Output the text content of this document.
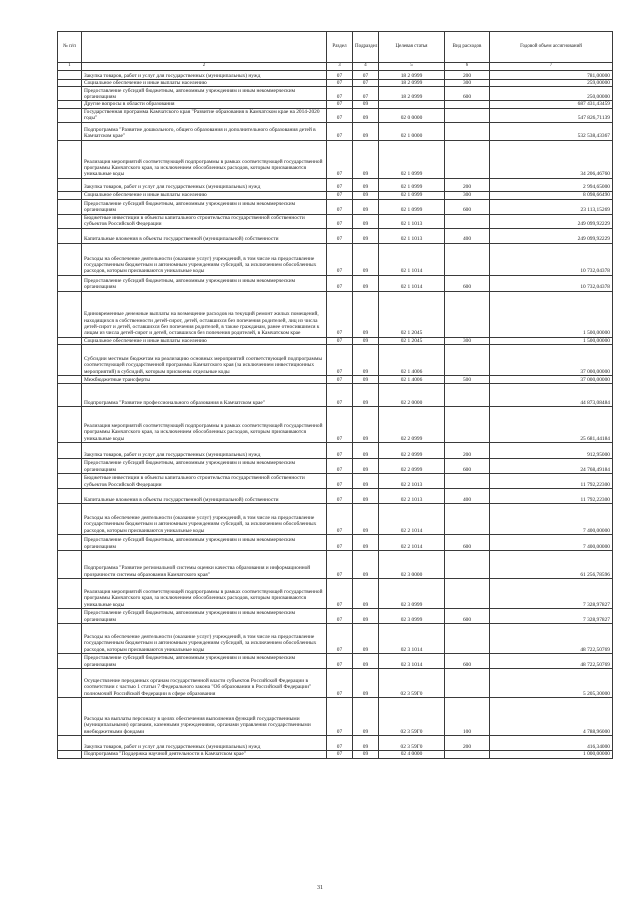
№ п/п		Раздел	Подраздел	Целевая статья	Вид расходов	Годовой объем ассигнований
1	2	3	4	5	6	7
	Закупка товаров, работ и услуг для государственных (муниципальных) нужд	07	07	18 2 0999	200	781,00000
	Социальное обеспечение и иные выплаты населению	07	07	18 2 0999	300	259,00000
	Предоставление субсидий бюджетным, автономным учреждениям и иным некоммерческим организациям	07	07	18 2 0999	600	250,00000
	Другие вопросы в области образования	07	09			687 431,43459
	Государственная программа Камчатского края "Развитие образования в Камчатском крае на 2014-2020 годы"	07	09	02 0 0000		547 826,71139
	Подпрограмма "Развитие дошкольного, общего образования и дополнительного образования детей в Камчатском крае"	07	09	02 1 0000		532 538,43367
	Реализация мероприятий соответствующей подпрограммы в рамках соответствующей государственной программы Камчатского края, за исключением обособленных расходов, которым присваиваются уникальные коды	07	09	02 1 0999		34 206,46760
	Закупка товаров, работ и услуг для государственных (муниципальных) нужд	07	09	02 1 0999	200	2 994,65000
	Социальное обеспечение и иные выплаты населению	07	09	02 1 0999	300	8 098,66490
	Предоставление субсидий бюджетным, автономным учреждениям и иным некоммерческим организациям	07	09	02 1 0999	600	23 113,15269
	Бюджетные инвестиции в объекты капитального строительства государственной собственности субъектов Российской Федерации	07	09	02 1 1013		249 099,92229
	Капитальные вложения в объекты государственной (муниципальной) собственности	07	09	02 1 1013	400	249 099,92229
	Расходы на обеспечение деятельности (оказание услуг) учреждений, в том числе на предоставление государственным бюджетным и автономным учреждениям субсидий, за исключением обособленных расходов, которым присваиваются уникальные коды	07	09	02 1 1014		10 732,04378
	Предоставление субсидий бюджетным, автономным учреждениям и иным некоммерческим организациям	07	09	02 1 1014	600	10 732,04378
	Единовременные денежные выплаты на возмещение расходов на текущий ремонт жилых помещений, находящихся в собственности детей-сирот, детей, оставшихся без попечения родителей, лиц из числа детей-сирот и детей, оставшихся без попечения родителей, в также гражданам, ранее относившимся к лицам из числа детей-сирот и детей, оставшихся без попечения родителей, в Камчатском крае	07	09	02 1 2045		1 500,00000
	Социальное обеспечение и иные выплаты населению	07	09	02 1 2045	300	1 500,00000
	Субсидии местным бюджетам на реализацию основных мероприятий соответствующей подпрограммы соответствующей государственной программы Камчатского края (за исключением инвестиционных мероприятий) в субсидий, которым присвоены отдельные коды	07	09	02 1 4006		37 000,00000
	Межбюджетные трансферты	07	09	02 1 4006	500	37 000,00000
	Подпрограмма "Развитие профессионального образования в Камчатском крае"	07	09	02 2 0000		44 873,08484
	Реализация мероприятий соответствующей подпрограммы в рамках соответствующей государственной программы Камчатского края, за исключением обособленных расходов, которым присваиваются уникальные коды	07	09	02 2 0999		25 681,44184
	Закупка товаров, работ и услуг для государственных (муниципальных) нужд	07	09	02 2 0999	200	912,95000
	Предоставление субсидий бюджетным, автономным учреждениям и иным некоммерческим организациям	07	09	02 2 0999	600	24 768,49184
	Бюджетные инвестиции в объекты капитального строительства государственной собственности субъектов Российской Федерации	07	09	02 2 1013		11 792,22300
	Капитальные вложения в объекты государственной (муниципальной) собственности	07	09	02 2 1013	400	11 792,22300
	Расходы на обеспечение деятельности (оказание услуг) учреждений, в том числе на предоставление государственным бюджетным и автономным учреждениям субсидий, за исключением обособленных расходов, которым присваиваются уникальные коды	07	09	02 2 1014		7 400,00000
	Предоставление субсидий бюджетным, автономным учреждениям и иным некоммерческим организациям	07	09	02 2 1014	600	7 400,00000
	Подпрограмма "Развитие региональной системы оценки качества образования и информационной прозрачности системы образования Камчатского края"	07	09	02 3 0000		61 256,78596
	Реализация мероприятий соответствующей подпрограммы в рамках соответствующей государственной программы Камчатского края, за исключением обособленных расходов, которым присваиваются уникальные коды	07	09	02 3 0999		7 328,97827
	Предоставление субсидий бюджетным, автономным учреждениям и иным некоммерческим организациям	07	09	02 3 0999	600	7 328,97827
	Расходы на обеспечение деятельности (оказание услуг) учреждений, в том числе на предоставление государственным бюджетным и автономным учреждениям субсидий, за исключением обособленных расходов, которым присваиваются уникальные коды	07	09	02 3 1014		48 722,50769
	Предоставление субсидий бюджетным, автономным учреждениям и иным некоммерческим организациям	07	09	02 3 1014	600	48 722,50769
	Осуществление переданных органам государственной власти субъектов Российской Федерации в соответствии с частью 1 статьи 7 Федерального закона "Об образовании в Российской Федерации" полномочий Российской Федерации в сфере образования	07	09	02 3 59Г0		5 205,30000
	Расходы на выплаты персоналу в целях обеспечения выполнения функций государственными (муниципальными) органами, казенными учреждениями, органами управления государственными внебюджетными фондами	07	09	02 3 59Г0	100	4 788,96000
	Закупка товаров, работ и услуг для государственных (муниципальных) нужд	07	09	02 3 59Г0	200	416,34000
	Подпрограмма "Поддержка научной деятельности в Камчатском крае"	07	09	02 4 0000		1 000,00000
31
